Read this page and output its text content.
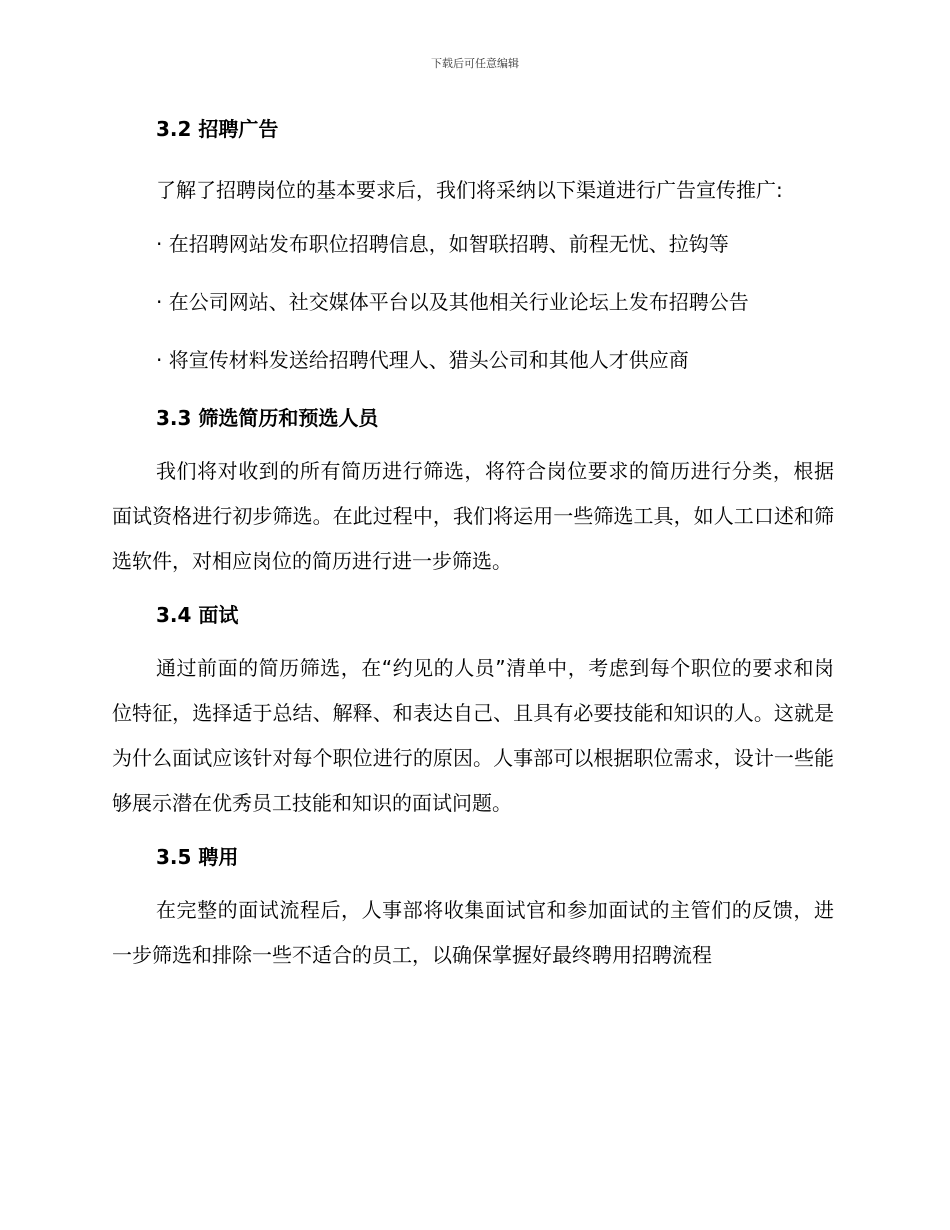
下载后可任意编辑
3.2 招聘广告

了解了招聘岗位的基本要求后，我们将采纳以下渠道进行广告宣传推广:

· 在招聘网站发布职位招聘信息，如智联招聘、前程无忧、拉钩等

· 在公司网站、社交媒体平台以及其他相关行业论坛上发布招聘公告

· 将宣传材料发送给招聘代理人、猎头公司和其他人才供应商

3.3 筛选简历和预选人员

我们将对收到的所有简历进行筛选，将符合岗位要求的简历进行分类，根据面试资格进行初步筛选。在此过程中，我们将运用一些筛选工具，如人工口述和筛选软件，对相应岗位的简历进行进一步筛选。

3.4 面试

通过前面的简历筛选，在“约见的人员”清单中，考虑到每个职位的要求和岗位特征，选择适于总结、解释、和表达自己、且具有必要技能和知识的人。这就是为什么面试应该针对每个职位进行的原因。人事部可以根据职位需求，设计一些能够展示潜在优秀员工技能和知识的面试问题。

3.5 聘用

在完整的面试流程后，人事部将收集面试官和参加面试的主管们的反馈，进一步筛选和排除一些不适合的员工，以确保掌握好最终聘用招聘流程
